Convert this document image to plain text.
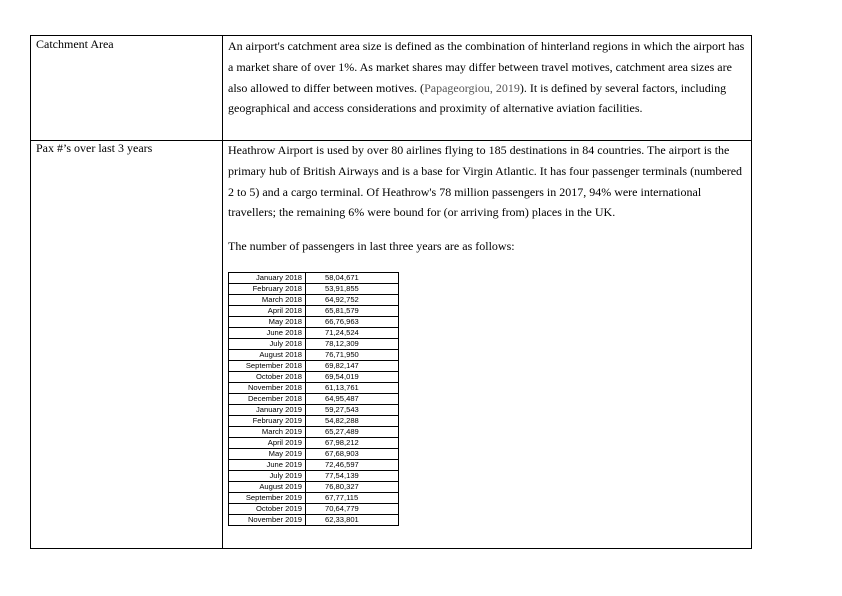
Catchment Area	An airport's catchment area size is defined as the combination of hinterland regions in which the airport has a market share of over 1%. As market shares may differ between travel motives, catchment area sizes are also allowed to differ between motives. (Papageorgiou, 2019). It is defined by several factors, including geographical and access considerations and proximity of alternative aviation facilities.

Pax #’s over last 3 years	Heathrow Airport is used by over 80 airlines flying to 185 destinations in 84 countries. The airport is the primary hub of British Airways and is a base for Virgin Atlantic. It has four passenger terminals (numbered 2 to 5) and a cargo terminal. Of Heathrow's 78 million passengers in 2017, 94% were international travellers; the remaining 6% were bound for (or arriving from) places in the UK.

The number of passengers in last three years are as follows:

January 2018	58,04,671
February 2018	53,91,855
March 2018	64,92,752
April 2018	65,81,579
May 2018	66,76,963
June 2018	71,24,524
July 2018	78,12,309
August 2018	76,71,950
September 2018	69,82,147
October 2018	69,54,019
November 2018	61,13,761
December 2018	64,95,487
January 2019	59,27,543
February 2019	54,82,288
March 2019	65,27,489
April 2019	67,98,212
May 2019	67,68,903
June 2019	72,46,597
July 2019	77,54,139
August 2019	76,80,327
September 2019	67,77,115
October 2019	70,64,779
November 2019	62,33,801
